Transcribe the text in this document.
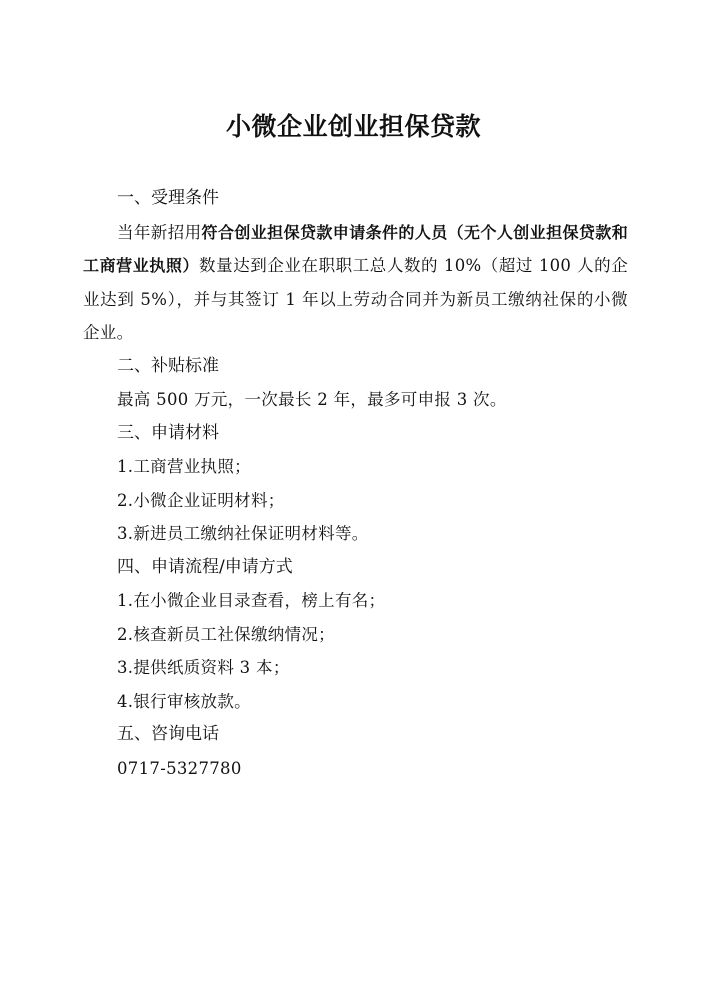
小微企业创业担保贷款
一、受理条件
当年新招用符合创业担保贷款申请条件的人员（无个人创业担保贷款和工商营业执照）数量达到企业在职职工总人数的 10%（超过 100 人的企业达到 5%），并与其签订 1 年以上劳动合同并为新员工缴纳社保的小微企业。
二、补贴标准
最高 500 万元，一次最长 2 年，最多可申报 3 次。
三、申请材料
1.工商营业执照；
2.小微企业证明材料；
3.新进员工缴纳社保证明材料等。
四、申请流程/申请方式
1.在小微企业目录查看，榜上有名；
2.核查新员工社保缴纳情况；
3.提供纸质资料 3 本；
4.银行审核放款。
五、咨询电话
0717-5327780
